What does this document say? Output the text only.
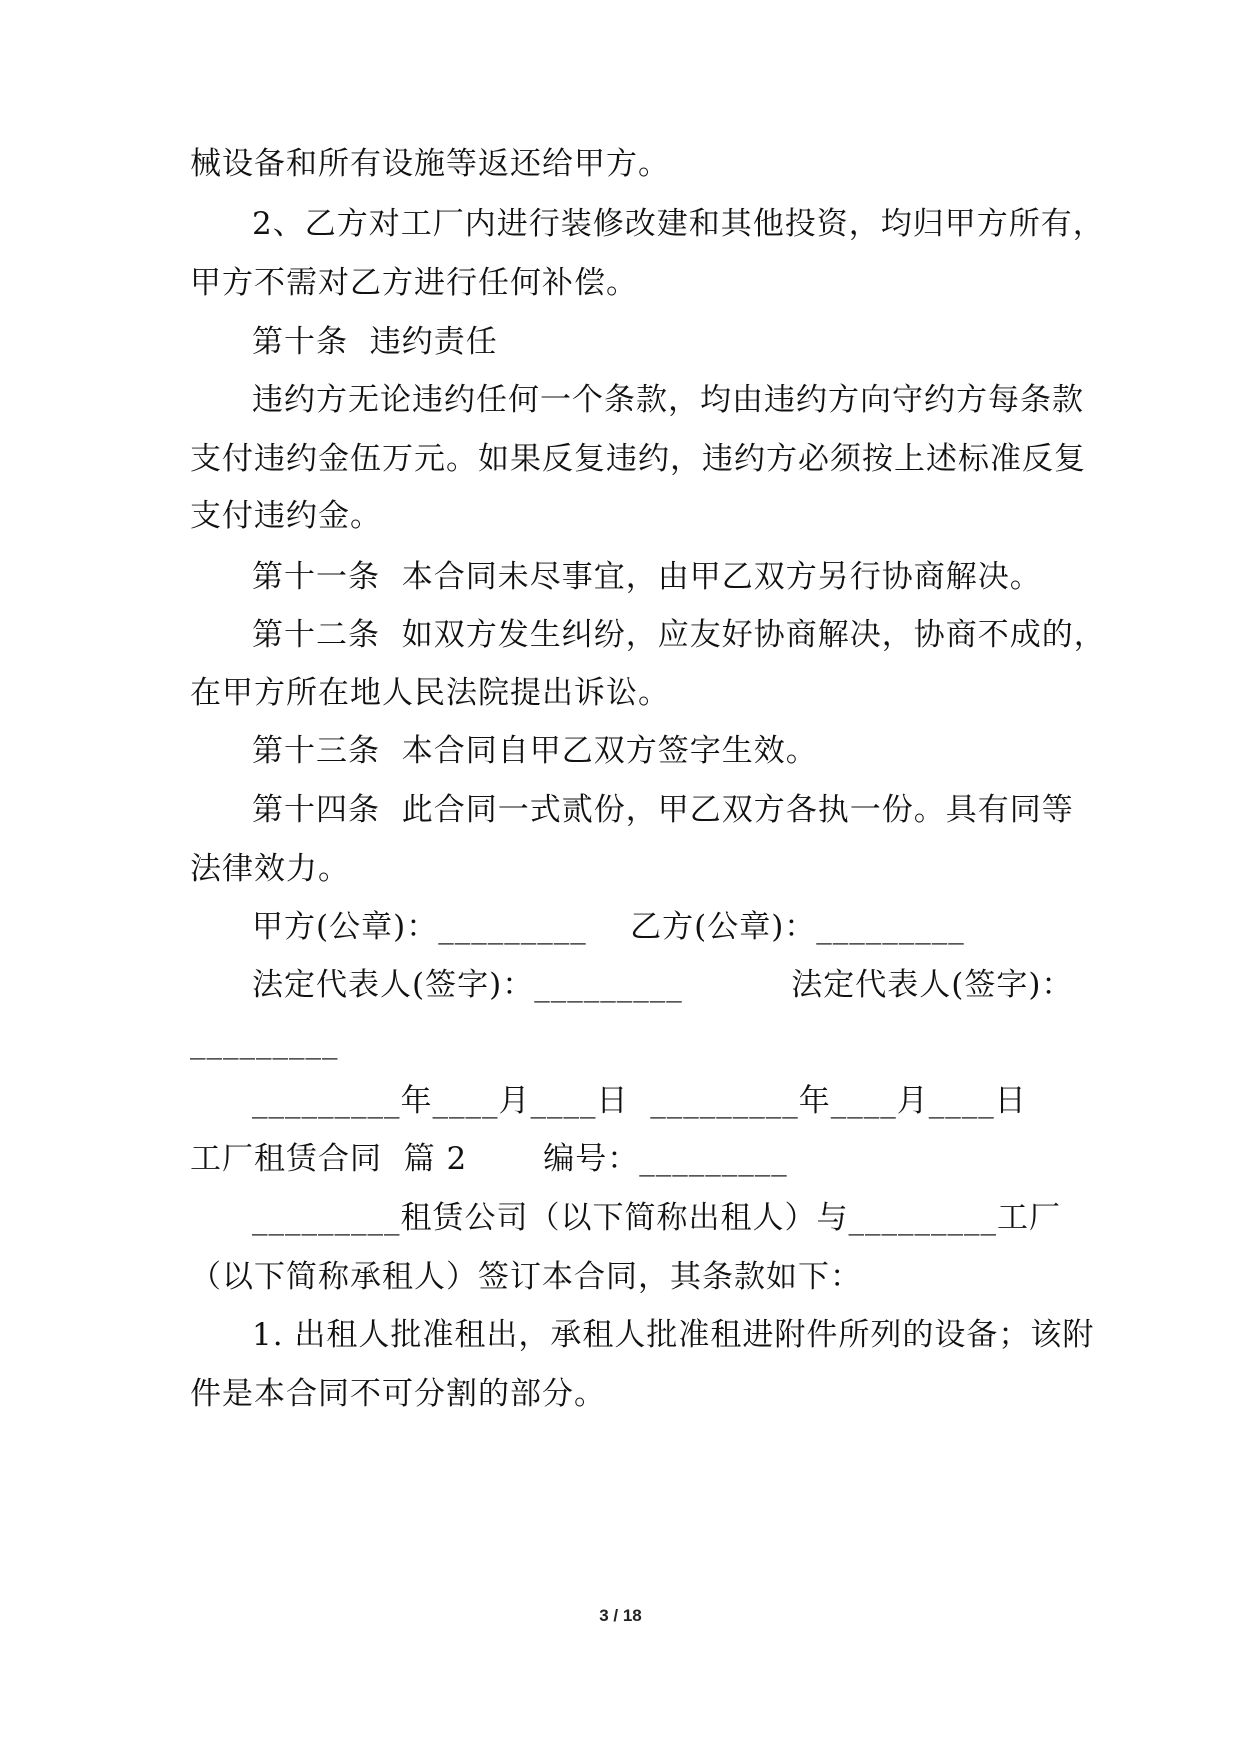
械设备和所有设施等返还给甲方。
2、乙方对工厂内进行装修改建和其他投资，均归甲方所有，
甲方不需对乙方进行任何补偿。
第十条  违约责任
违约方无论违约任何一个条款，均由违约方向守约方每条款
支付违约金伍万元。如果反复违约，违约方必须按上述标准反复
支付违约金。
第十一条  本合同未尽事宜，由甲乙双方另行协商解决。
第十二条  如双方发生纠纷，应友好协商解决，协商不成的，
在甲方所在地人民法院提出诉讼。
第十三条  本合同自甲乙双方签字生效。
第十四条  此合同一式贰份，甲乙双方各执一份。具有同等
法律效力。
甲方(公章)：_________    乙方(公章)：_________
法定代表人(签字)：_________          法定代表人(签字)：
_________
_________年____月____日  _________年____月____日
工厂租赁合同  篇 2       编号：_________
_________租赁公司（以下简称出租人）与_________工厂
（以下简称承租人）签订本合同，其条款如下：
1. 出租人批准租出，承租人批准租进附件所列的设备；该附
件是本合同不可分割的部分。
3 / 18
